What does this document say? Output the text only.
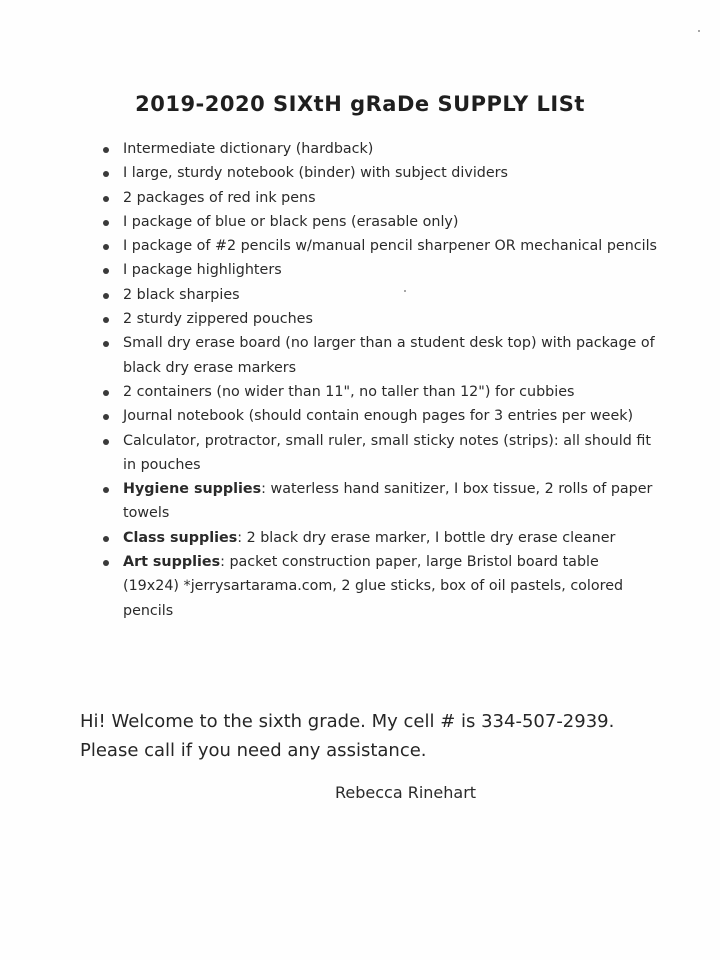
2019-2020 SIXtH gRaDe SUPPLY LISt
Intermediate dictionary (hardback)
I large, sturdy notebook (binder) with subject dividers
2 packages of red ink pens
I package of blue or black pens (erasable only)
I package of #2 pencils w/manual pencil sharpener OR mechanical pencils
I package highlighters
2 black sharpies
2 sturdy zippered pouches
Small dry erase board (no larger than a student desk top) with package of black dry erase markers
2 containers (no wider than 11", no taller than 12") for cubbies
Journal notebook (should contain enough pages for 3 entries per week)
Calculator, protractor, small ruler, small sticky notes (strips): all should fit in pouches
Hygiene supplies: waterless hand sanitizer, I box tissue, 2 rolls of paper towels
Class supplies: 2 black dry erase marker, I bottle dry erase cleaner
Art supplies: packet construction paper, large Bristol board table (19x24) *jerrysartarama.com, 2 glue sticks, box of oil pastels, colored pencils
Hi! Welcome to the sixth grade. My cell # is 334-507-2939.
Please call if you need any assistance.
Rebecca Rinehart
